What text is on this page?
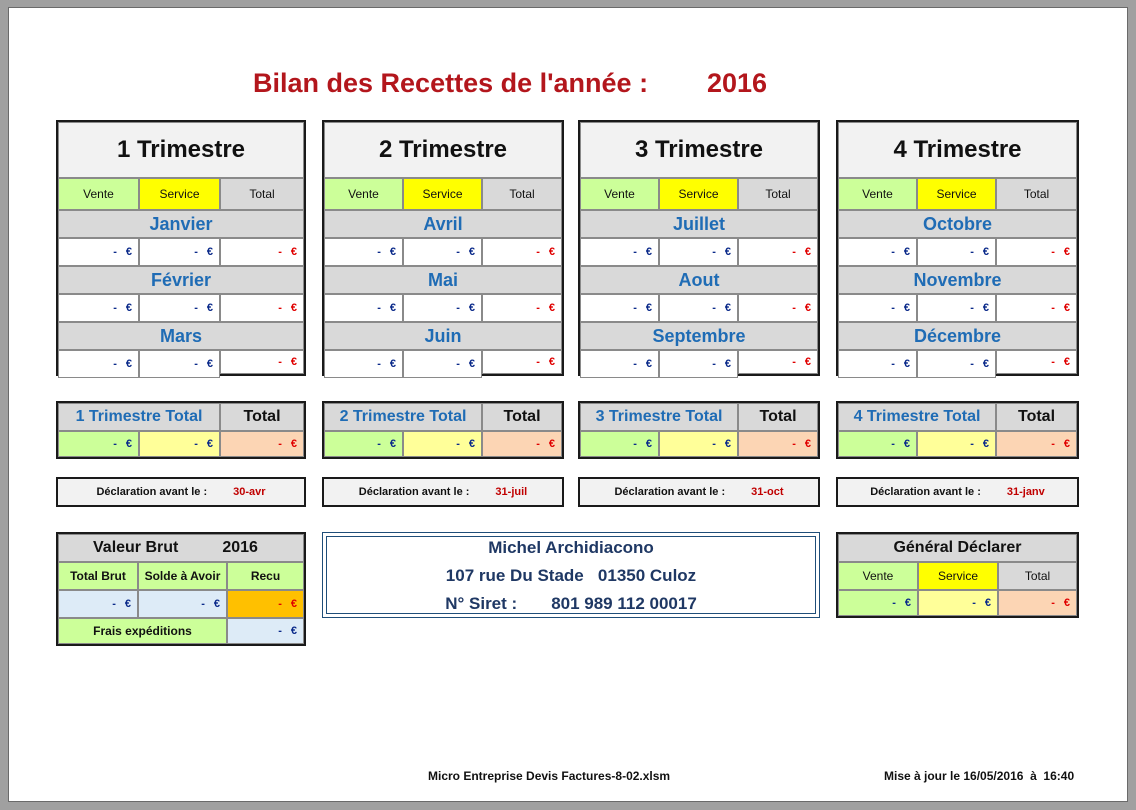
Bilan des Recettes de l'année : 2016
1 Trimestre
Vente	Service	Total
Janvier
- €	- €	- €
Février
- €	- €	- €
Mars
- €	- €	- €
1 Trimestre Total	Total
- €	- €	- €
Déclaration avant le : 30-avr
2 Trimestre
Vente	Service	Total
Avril
- €	- €	- €
Mai
- €	- €	- €
Juin
- €	- €	- €
2 Trimestre Total	Total
- €	- €	- €
Déclaration avant le : 31-juil
3 Trimestre
Vente	Service	Total
Juillet
- €	- €	- €
Aout
- €	- €	- €
Septembre
- €	- €	- €
3 Trimestre Total	Total
- €	- €	- €
Déclaration avant le : 31-oct
4 Trimestre
Vente	Service	Total
Octobre
- €	- €	- €
Novembre
- €	- €	- €
Décembre
- €	- €	- €
4 Trimestre Total	Total
- €	- €	- €
Déclaration avant le : 31-janv
Valeur Brut	2016
Total Brut	Solde à Avoir	Recu
- €	- €	- €
Frais expéditions	- €
Michel Archidiacono
107 rue Du Stade   01350 Culoz
N° Siret : 801 989 112 00017
Général Déclarer
Vente	Service	Total
- €	- €	- €
Micro Entreprise Devis Factures-8-02.xlsm	Mise à jour le 16/05/2016  à  16:40
